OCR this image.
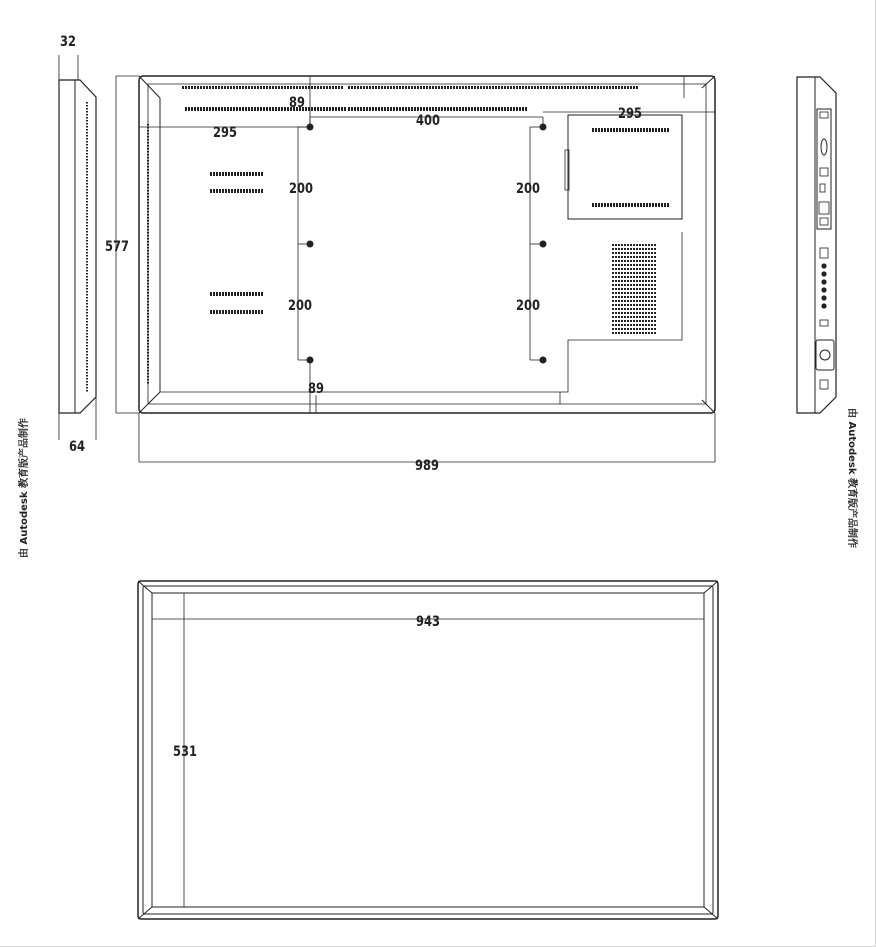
32
64
577
89
89
295
295
400
200
200
200
200
989
943
531
由 Autodesk 教育版产品制作	由 Autodesk 教育版产品制作
